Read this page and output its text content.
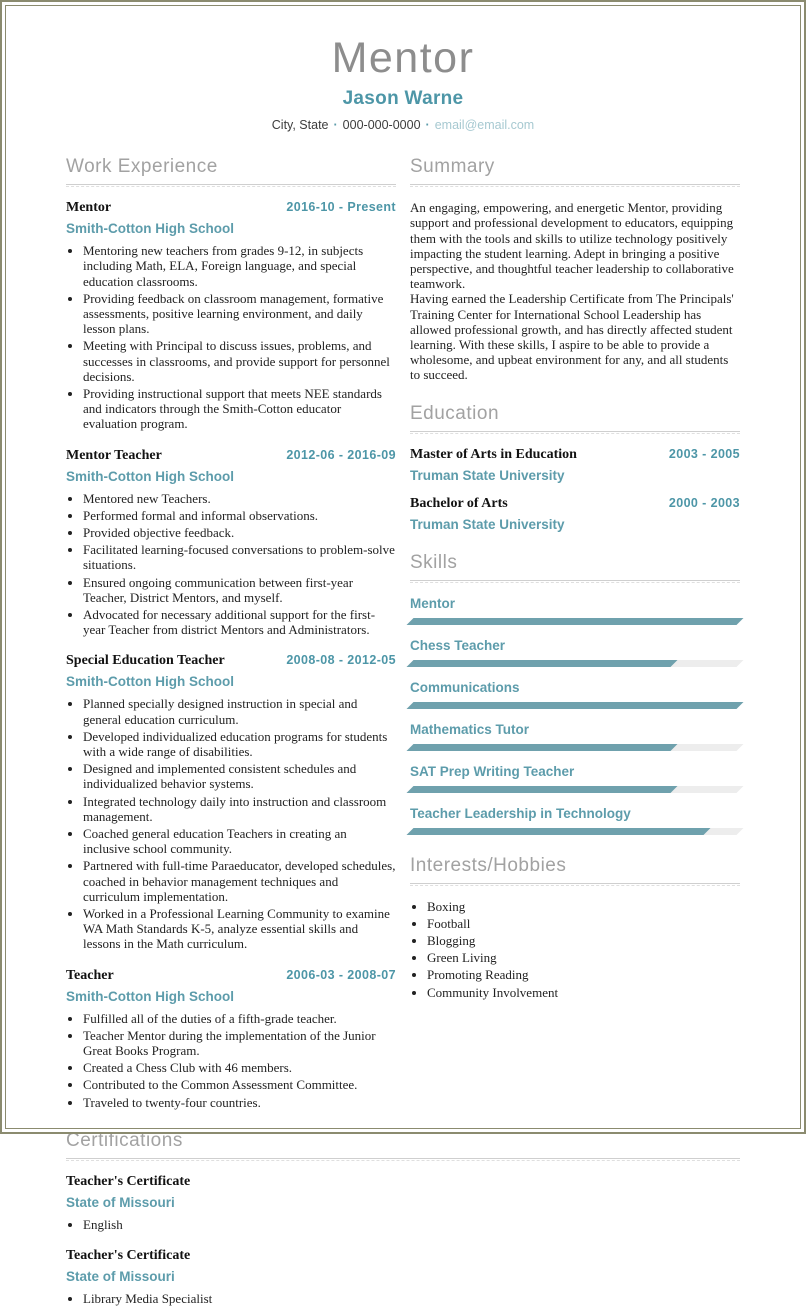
Mentor
Jason Warne
City, State · 000-000-0000 · email@email.com
Work Experience
Mentor	2016-10 - Present
Smith-Cotton High School
• Mentoring new teachers from grades 9-12, in subjects including Math, ELA, Foreign language, and special education classrooms.
• Providing feedback on classroom management, formative assessments, positive learning environment, and daily lesson plans.
• Meeting with Principal to discuss issues, problems, and successes in classrooms, and provide support for personnel decisions.
• Providing instructional support that meets NEE standards and indicators through the Smith-Cotton educator evaluation program.
Mentor Teacher	2012-06 - 2016-09
Smith-Cotton High School
• Mentored new Teachers.
• Performed formal and informal observations.
• Provided objective feedback.
• Facilitated learning-focused conversations to problem-solve situations.
• Ensured ongoing communication between first-year Teacher, District Mentors, and myself.
• Advocated for necessary additional support for the first-year Teacher from district Mentors and Administrators.
Special Education Teacher	2008-08 - 2012-05
Smith-Cotton High School
• Planned specially designed instruction in special and general education curriculum.
• Developed individualized education programs for students with a wide range of disabilities.
• Designed and implemented consistent schedules and individualized behavior systems.
• Integrated technology daily into instruction and classroom management.
• Coached general education Teachers in creating an inclusive school community.
• Partnered with full-time Paraeducator, developed schedules, coached in behavior management techniques and curriculum implementation.
• Worked in a Professional Learning Community to examine WA Math Standards K-5, analyze essential skills and lessons in the Math curriculum.
Teacher	2006-03 - 2008-07
Smith-Cotton High School
• Fulfilled all of the duties of a fifth-grade teacher.
• Teacher Mentor during the implementation of the Junior Great Books Program.
• Created a Chess Club with 46 members.
• Contributed to the Common Assessment Committee.
• Traveled to twenty-four countries.
Summary

An engaging, empowering, and energetic Mentor, providing support and professional development to educators, equipping them with the tools and skills to utilize technology positively impacting the student learning. Adept in bringing a positive perspective, and thoughtful teacher leadership to collaborative teamwork.

Having earned the Leadership Certificate from The Principals' Training Center for International School Leadership has allowed professional growth, and has directly affected student learning. With these skills, I aspire to be able to provide a wholesome, and upbeat environment for any, and all students to succeed.

Education
Master of Arts in Education	2003 - 2005
Truman State University
Bachelor of Arts	2000 - 2003
Truman State University
Skills
Mentor
Chess Teacher
Communications
Mathematics Tutor
SAT Prep Writing Teacher
Teacher Leadership in Technology
Interests/Hobbies
• Boxing
• Football
• Blogging
• Green Living
• Promoting Reading
• Community Involvement
Certifications
Teacher's Certificate
State of Missouri
• English
Teacher's Certificate
State of Missouri
• Library Media Specialist
